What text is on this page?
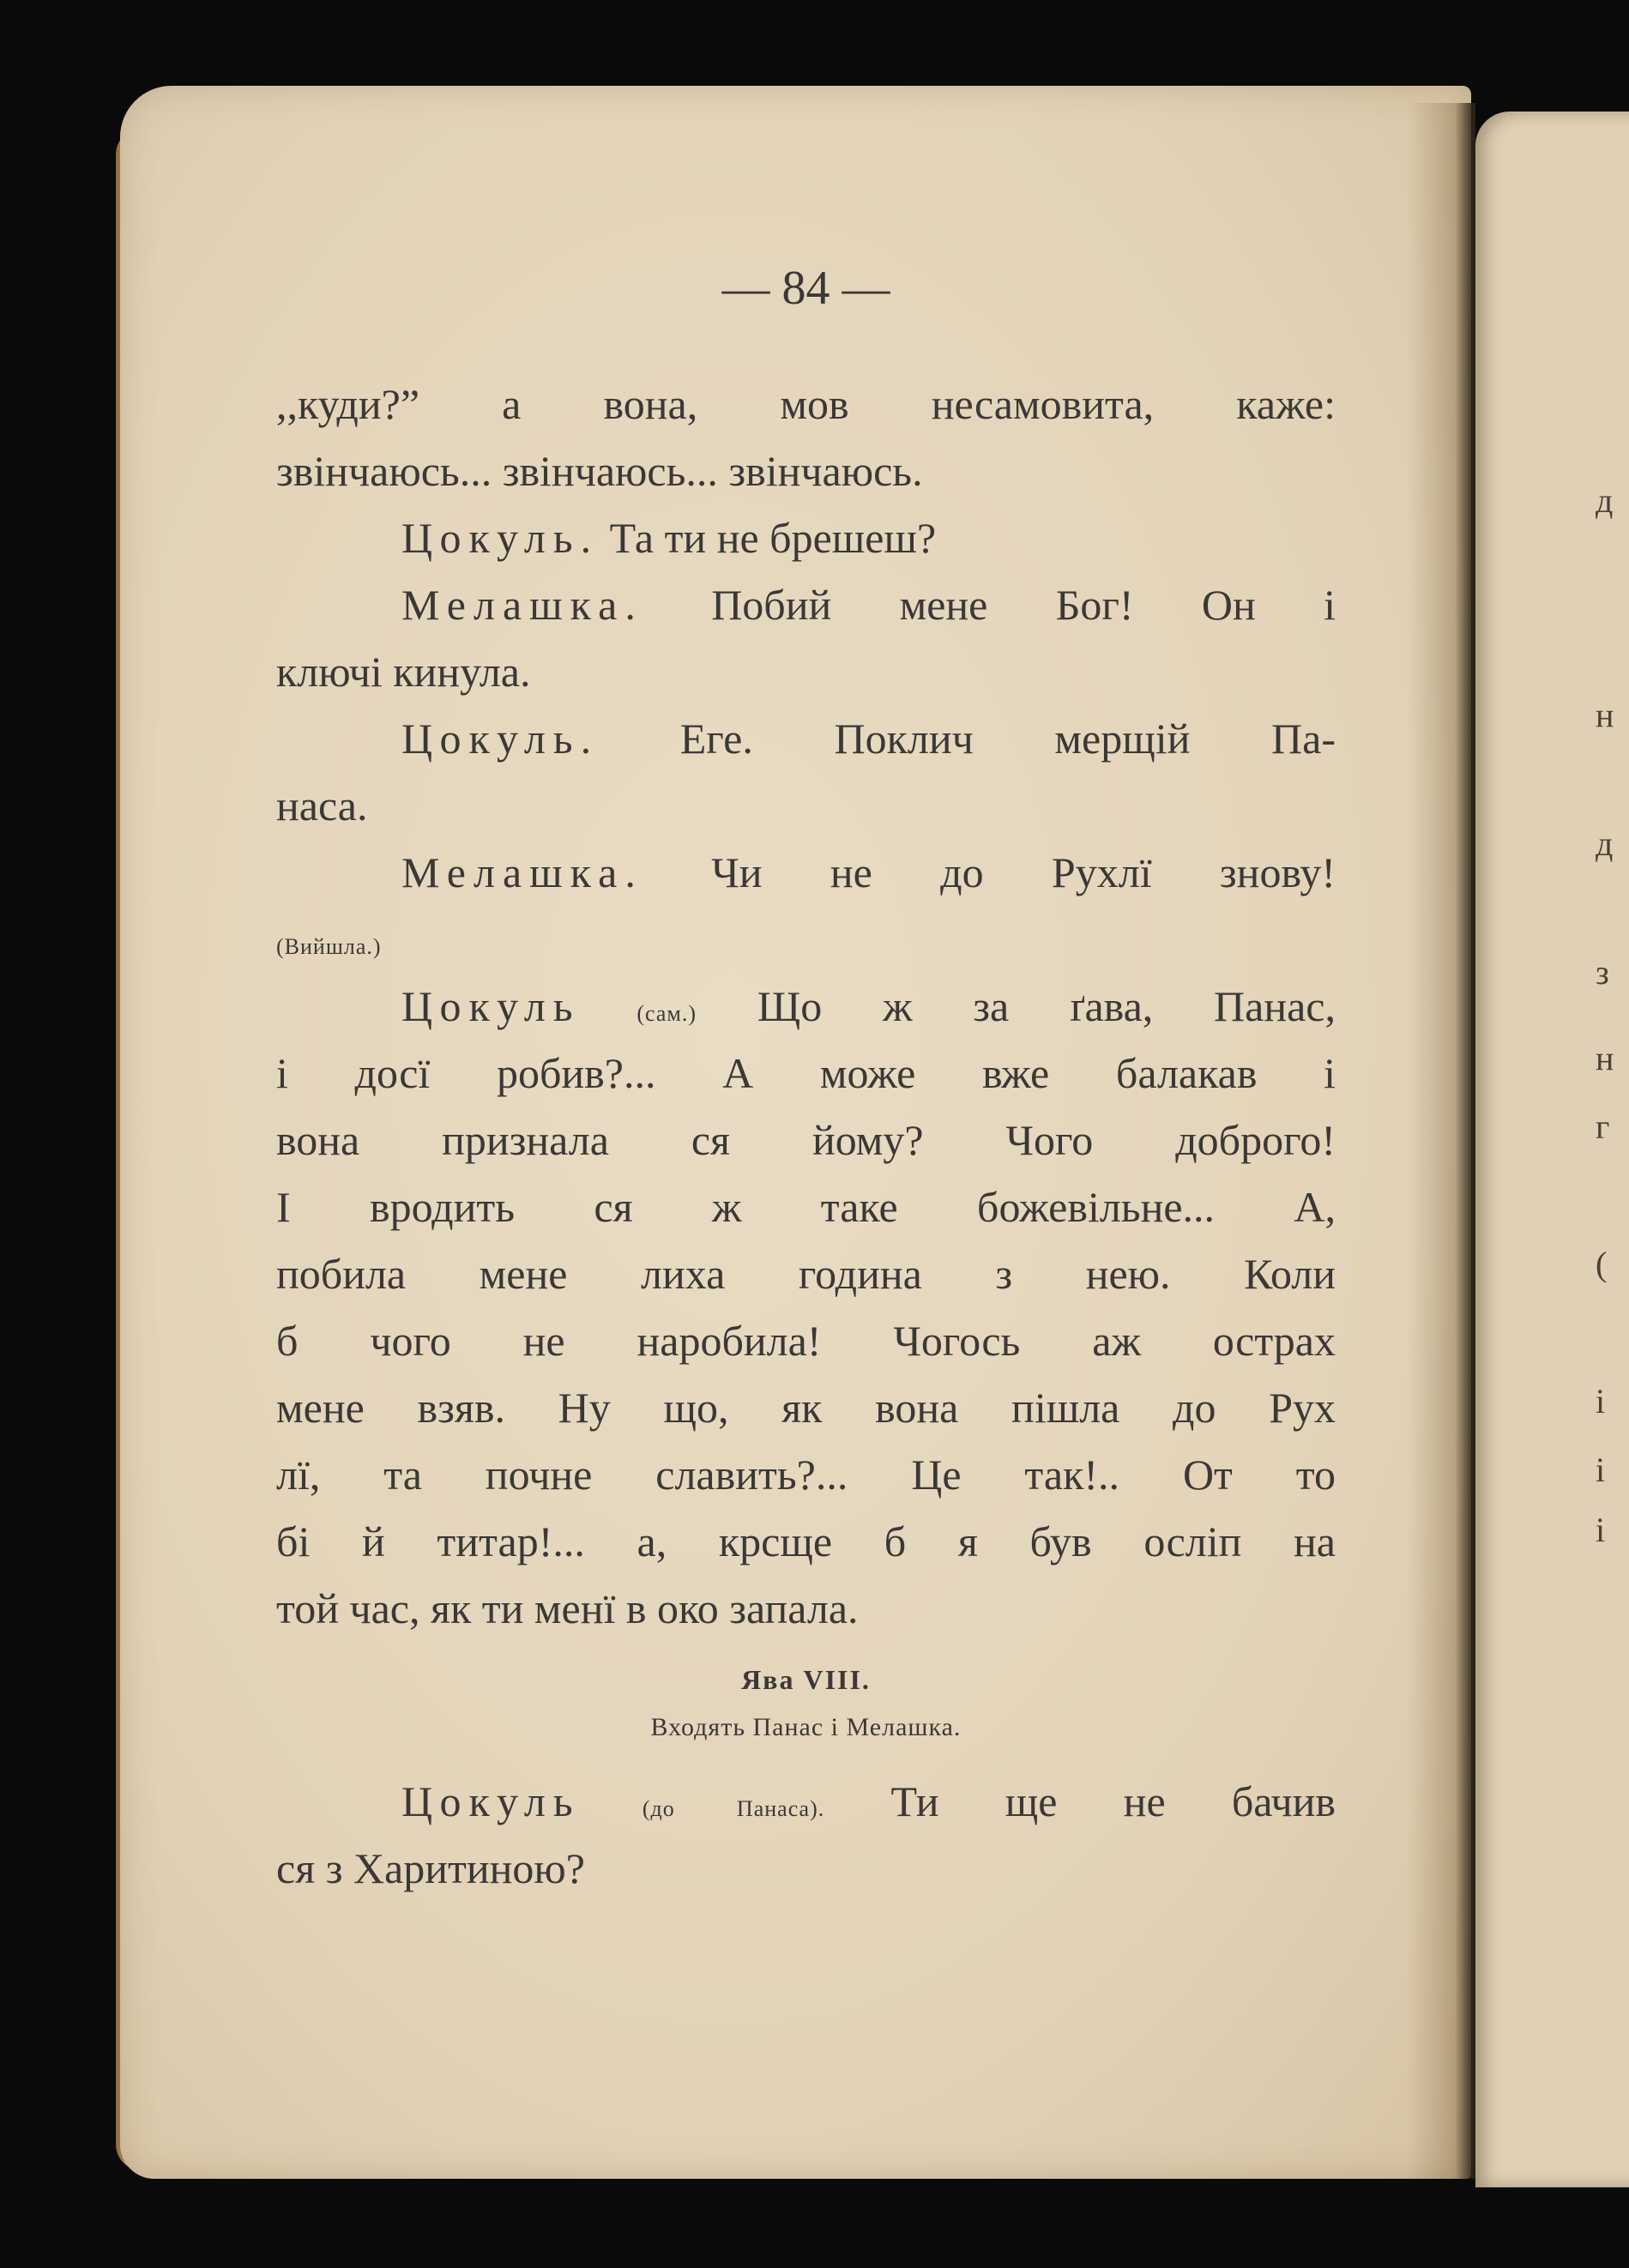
д
н
д
з
н
г
(
і
і
і
— 84 —
,,куди?” а вона, мов несамовита, каже:
звінчаюсь... звінчаюсь... звінчаюсь.
Цокуль. Та ти не брешеш?
Мелашка. Побий мене Бог! Он і
ключі кинула.
Цокуль. Еге. Поклич мерщій Па-
наса.
Мелашка. Чи не до Рухлї знову!
(Вийшла.)
Цокуль (сам.) Що ж за ґава, Панас,
і досї робив?... А може вже балакав і
вона призн​ала ся йому? Чого доброго!
І вродить ся ж таке божевільне... А,
побила мене лиха година з нею. Коли
б чого не наробила! Чогось аж острах
мене взяв. Ну що, як вона пішла до Рух
лї, та почне славить?... Це так!.. От то
бі й титар!... а, крсще б я був осліп на
той час, як ти менї в око запала.
Ява VIII.
Входять Панас і Мелашка.
Цокуль (до Панаса). Ти ще не бачив
ся з Харитиною?
